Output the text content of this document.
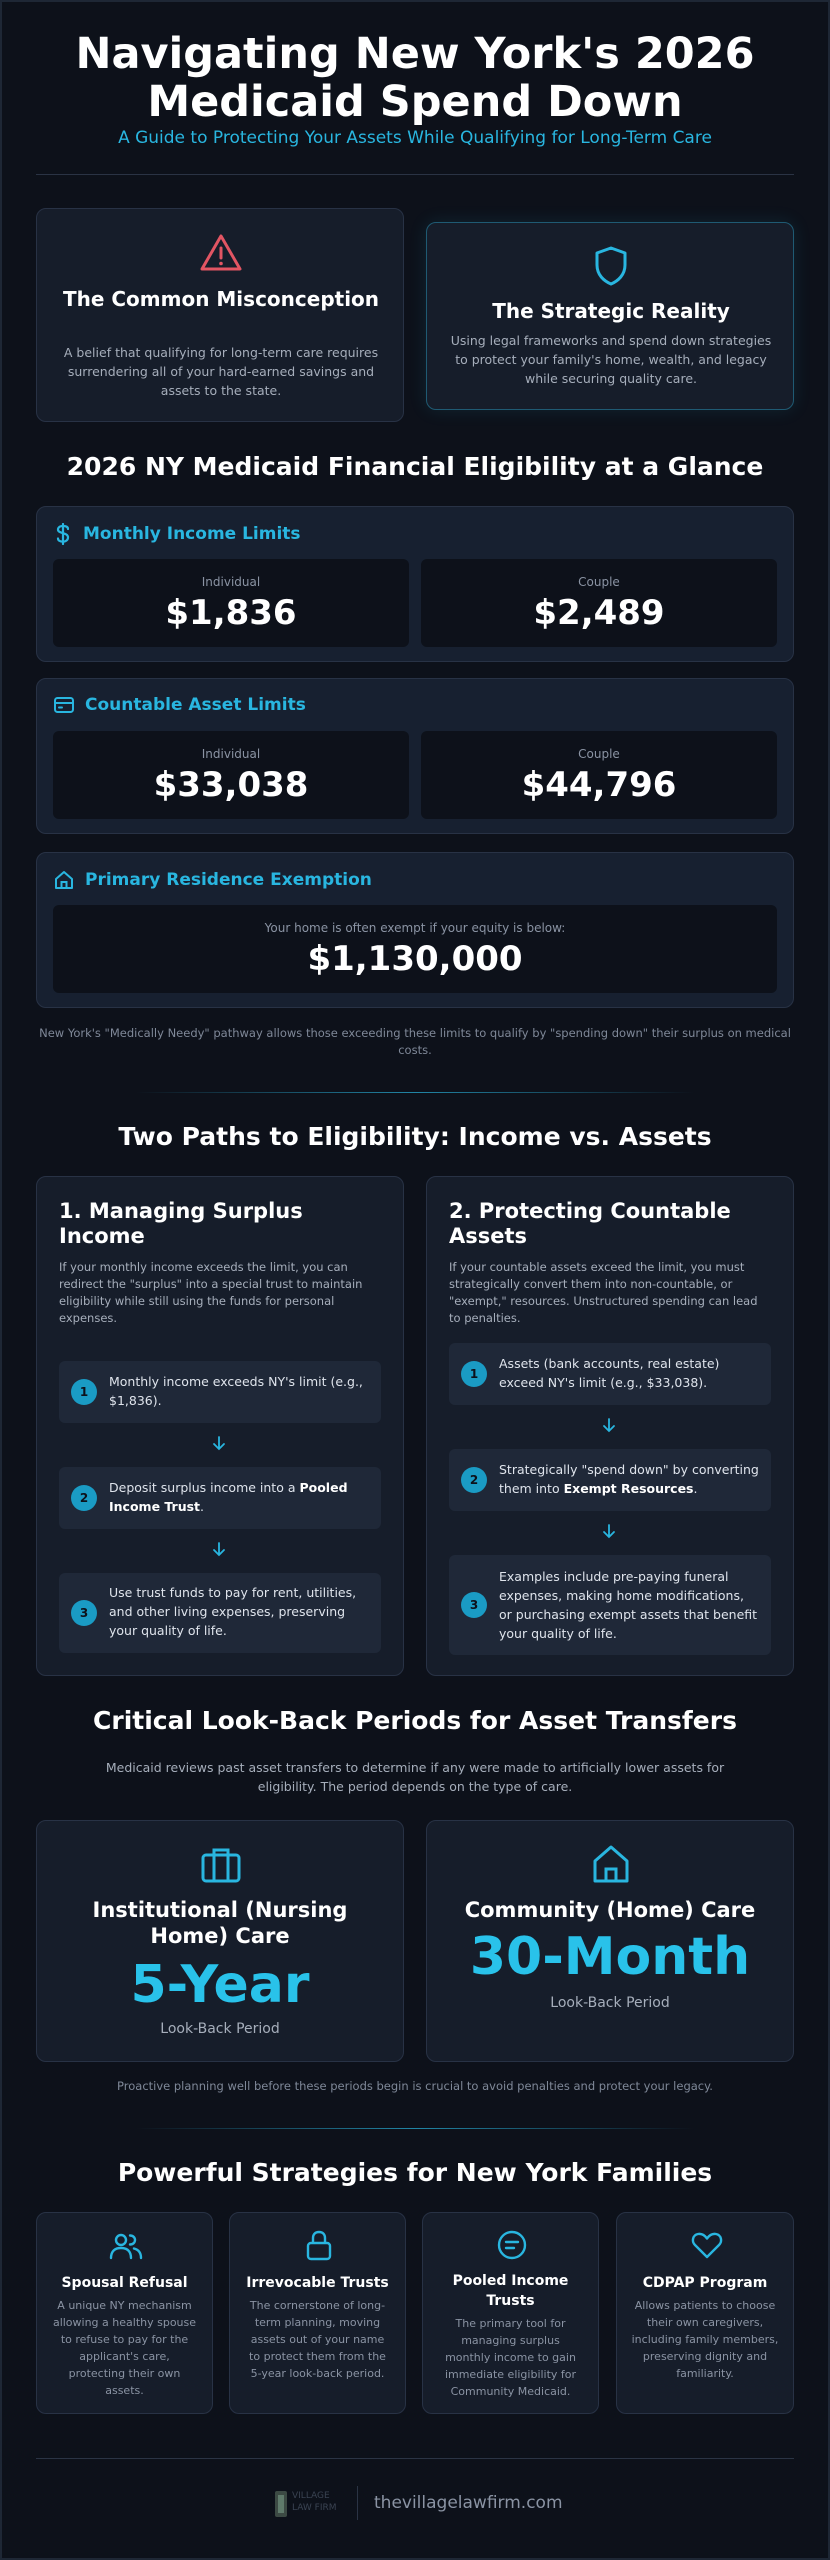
Navigating New York's 2026 Medicaid Spend Down
A Guide to Protecting Your Assets While Qualifying for Long-Term Care
The Common Misconception
A belief that qualifying for long-term care requires surrendering all of your hard-earned savings and assets to the state.
The Strategic Reality
Using legal frameworks and spend down strategies to protect your family's home, wealth, and legacy while securing quality care.
2026 NY Medicaid Financial Eligibility at a Glance
Monthly Income Limits
Individual
$1,836
Couple
$2,489
Countable Asset Limits
Individual
$33,038
Couple
$44,796
Primary Residence Exemption
Your home is often exempt if your equity is below:
$1,130,000
New York's "Medically Needy" pathway allows those exceeding these limits to qualify by "spending down" their surplus on medical costs.
Two Paths to Eligibility: Income vs. Assets
1. Managing Surplus Income
If your monthly income exceeds the limit, you can redirect the "surplus" into a special trust to maintain eligibility while still using the funds for personal expenses.
1
Monthly income exceeds NY's limit (e.g., $1,836).
2
Deposit surplus income into a Pooled Income Trust.
3
Use trust funds to pay for rent, utilities, and other living expenses, preserving your quality of life.
2. Protecting Countable Assets
If your countable assets exceed the limit, you must strategically convert them into non-countable, or "exempt," resources. Unstructured spending can lead to penalties.
1
Assets (bank accounts, real estate) exceed NY's limit (e.g., $33,038).
2
Strategically "spend down" by converting them into Exempt Resources.
3
Examples include pre-paying funeral expenses, making home modifications, or purchasing exempt assets that benefit your quality of life.
Critical Look-Back Periods for Asset Transfers
Medicaid reviews past asset transfers to determine if any were made to artificially lower assets for eligibility. The period depends on the type of care.
Institutional (Nursing Home) Care
5-Year
Look-Back Period
Community (Home) Care
30-Month
Look-Back Period
Proactive planning well before these periods begin is crucial to avoid penalties and protect your legacy.
Powerful Strategies for New York Families
Spousal Refusal
A unique NY mechanism allowing a healthy spouse to refuse to pay for the applicant's care, protecting their own assets.
Irrevocable Trusts
The cornerstone of long-term planning, moving assets out of your name to protect them from the 5-year look-back period.
Pooled Income Trusts
The primary tool for managing surplus monthly income to gain immediate eligibility for Community Medicaid.
CDPAP Program
Allows patients to choose their own caregivers, including family members, preserving dignity and familiarity.
VILLAGE
LAW FIRM thevillagelawfirm.com
